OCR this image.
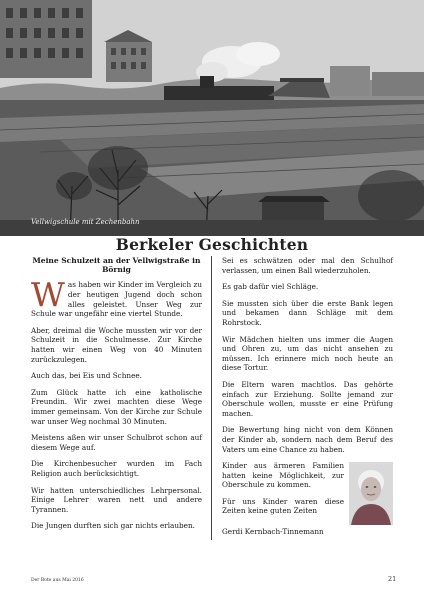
Vellwigschule mit Zechenbahn
Berkeler Geschichten
Meine Schulzeit an der Vellwigstraße in Börnig

Was haben wir Kinder im Vergleich zu der heutigen Jugend doch schon alles geleistet. Unser Weg zur Schule war ungefähr eine viertel Stunde.

Aber, dreimal die Woche mussten wir vor der Schulzeit in die Schulmesse. Zur Kirche hatten wir einen Weg von 40 Minuten zurückzulegen.

Auch das, bei Eis und Schnee.

Zum Glück hatte ich eine katholische Freundin. Wir zwei machten diese Wege immer gemeinsam. Von der Kirche zur Schule war unser Weg nochmal 30 Minuten.

Meistens aßen wir unser Schulbrot schon auf diesem Wege auf.

Die Kirchenbesucher wurden im Fach Religion auch berücksichtigt.

Wir hatten unterschiedliches Lehrpersonal. Einige Lehrer waren nett und andere Tyrannen.

Die Jungen durften sich gar nichts erlauben.

Sei es schwätzen oder mal den Schulhof verlassen, um einen Ball wiederzuholen.

Es gab dafür viel Schläge.

Sie mussten sich über die erste Bank legen und bekamen dann Schläge mit dem Rohrstock.

Wir Mädchen hielten uns immer die Augen und Ohren zu, um das nicht ansehen zu müssen. Ich erinnere mich noch heute an diese Tortur.

Die Eltern waren machtlos. Das gehörte einfach zur Erziehung. Sollte jemand zur Oberschule wollen, musste er eine Prüfung machen.

Die Bewertung hing nicht von dem Können der Kinder ab, sondern nach dem Beruf des Vaters um eine Chance zu haben.

Kinder aus ärmeren Familien hatten keine Möglichkeit, zur Oberschule zu kommen.

Für uns Kinder waren diese Zeiten keine guten Zeiten

Gerdi Kernbach-Tinnemann

Der Bote aus Mai 2016	21
